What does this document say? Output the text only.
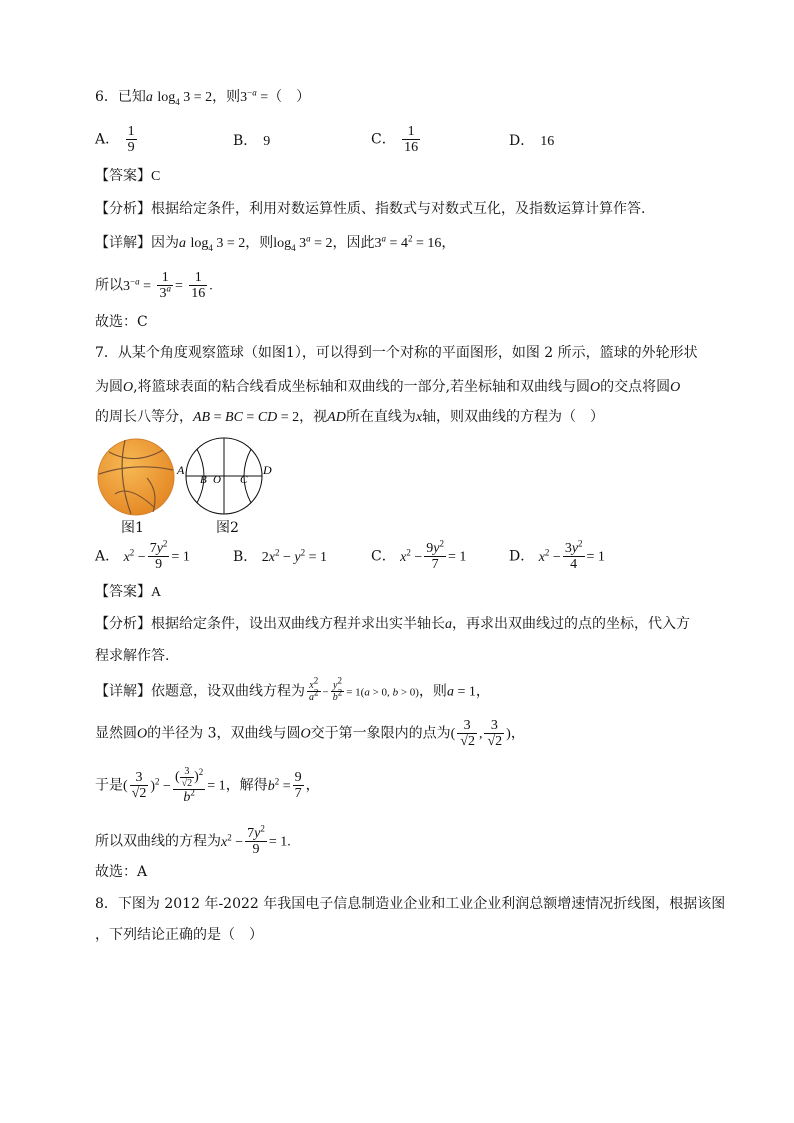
6．已知a $\log_4 3 = 2$，则$3^{-a}$ =（　）
A． $\frac{1}{9}$	B． 9	C． $\frac{1}{16}$	D． 16
【答案】C
【分析】根据给定条件，利用对数运算性质、指数式与对数式互化，及指数运算计算作答.
【详解】因为a $\log_4 3 = 2$，则$\log_4 3^a = 2$，因此$3^a = 4^2 = 16$，
所以$3^{-a} = \frac{1}{3^a} = \frac{1}{16}$ .
故选：C
7．从某个角度观察篮球（如图1），可以得到一个对称的平面图形，如图 2 所示，篮球的外轮形状
为圆O,将篮球表面的粘合线看成坐标轴和双曲线的一部分,若坐标轴和双曲线与圆O的交点将圆O
的周长八等分，AB = BC = CD = 2，视AD所在直线为x轴，则双曲线的方程为（　）
图1
A
B O C
D
图2
A． $x^2 - \frac{7y^2}{9} = 1$	B． $2x^2 - y^2 = 1$	C． $x^2 - \frac{9y^2}{7} = 1$	D． $x^2 - \frac{3y^2}{4} = 1$
【答案】A
【分析】根据给定条件，设出双曲线方程并求出实半轴长a，再求出双曲线过的点的坐标，代入方
程求解作答.
【详解】依题意，设双曲线方程为 $\frac{x^2}{a^2} - \frac{y^2}{b^2} = 1(a > 0$, b > 0)，则a = 1，
显然圆O的半径为 3，双曲线与圆O交于第一象限内的点为( $\frac{3}{√2}$ , $\frac{3}{√2}$ )，
于是( $\frac{3}{√2} )^2 - \frac{( \frac{3}{√2} )^2}{b^2} = 1$，解得$b^2 = \frac{9}{7}$ ，
所以双曲线的方程为$x^2 - \frac{7y^2}{9} = 1$.
故选：A
8．下图为 2012 年-2022 年我国电子信息制造业企业和工业企业利润总额增速情况折线图，根据该图
，下列结论正确的是（　）
